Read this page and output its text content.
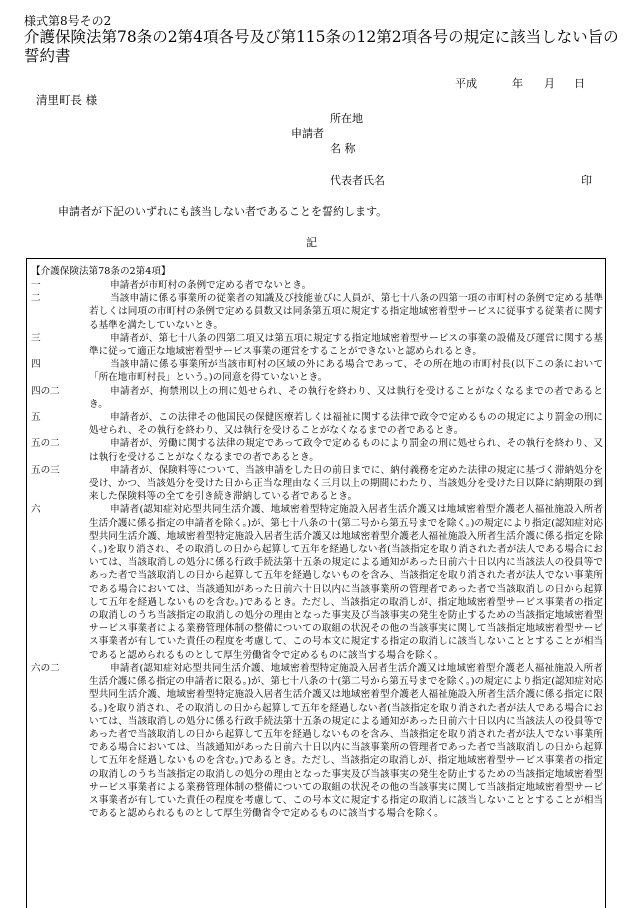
様式第8号その2
介護保険法第78条の2第4項各号及び第115条の12第2項各号の規定に該当しない旨の誓約書
平成	年 月 日
清里町長 様
所在地
申請者
名 称
代表者氏名	印
申請者が下記のいずれにも該当しない者であることを誓約します。
記
【介護保険法第78条の2第4項】
一	申請者が市町村の条例で定める者でないとき。
二	当該申請に係る事業所の従業者の知識及び技能並びに人員が、第七十八条の四第一項の市町村の条例で定める基準若しくは同項の市町村の条例で定める員数又は同条第五項に規定する指定地域密着型サービスに従事する従業者に関する基準を満たしていないとき。
三	申請者が、第七十八条の四第二項又は第五項に規定する指定地域密着型サービスの事業の設備及び運営に関する基準に従って適正な地域密着型サービス事業の運営をすることができないと認められるとき。
四	当該申請に係る事業所が当該市町村の区域の外にある場合であって、その所在地の市町村長(以下この条において「所在地市町村長」という。)の同意を得ていないとき。
四の二	申請者が、拘禁刑以上の刑に処せられ、その執行を終わり、又は執行を受けることがなくなるまでの者であるとき。
五	申請者が、この法律その他国民の保健医療若しくは福祉に関する法律で政令で定めるものの規定により罰金の刑に処せられ、その執行を終わり、又は執行を受けることがなくなるまでの者であるとき。
五の二	申請者が、労働に関する法律の規定であって政令で定めるものにより罰金の刑に処せられ、その執行を終わり、又は執行を受けることがなくなるまでの者であるとき。
五の三	申請者が、保険料等について、当該申請をした日の前日までに、納付義務を定めた法律の規定に基づく滞納処分を受け、かつ、当該処分を受けた日から正当な理由なく三月以上の期間にわたり、当該処分を受けた日以降に納期限の到来した保険料等の全てを引き続き滞納している者であるとき。
六	申請者(認知症対応型共同生活介護、地域密着型特定施設入居者生活介護又は地域密着型介護老人福祉施設入所者生活介護に係る指定の申請者を除く。)が、第七十八条の十(第二号から第五号までを除く。)の規定により指定(認知症対応型共同生活介護、地域密着型特定施設入居者生活介護又は地域密着型介護老人福祉施設入所者生活介護に係る指定を除く。)を取り消され、その取消しの日から起算して五年を経過しない者(当該指定を取り消された者が法人である場合においては、当該取消しの処分に係る行政手続法第十五条の規定による通知があった日前六十日以内に当該法人の役員等であった者で当該取消しの日から起算して五年を経過しないものを含み、当該指定を取り消された者が法人でない事業所である場合においては、当該通知があった日前六十日以内に当該事業所の管理者であった者で当該取消しの日から起算して五年を経過しないものを含む。)であるとき。ただし、当該指定の取消しが、指定地域密着型サービス事業者の指定の取消しのうち当該指定の取消しの処分の理由となった事実及び当該事実の発生を防止するための当該指定地域密着型サービス事業者による業務管理体制の整備についての取組の状況その他の当該事実に関して当該指定地域密着型サービス事業者が有していた責任の程度を考慮して、この号本文に規定する指定の取消しに該当しないこととすることが相当であると認められるものとして厚生労働省令で定めるものに該当する場合を除く。
六の二	申請者(認知症対応型共同生活介護、地域密着型特定施設入居者生活介護又は地域密着型介護老人福祉施設入所者生活介護に係る指定の申請者に限る。)が、第七十八条の十(第二号から第五号までを除く。)の規定により指定(認知症対応型共同生活介護、地域密着型特定施設入居者生活介護又は地域密着型介護老人福祉施設入所者生活介護に係る指定に限る。)を取り消され、その取消しの日から起算して五年を経過しない者(当該指定を取り消された者が法人である場合においては、当該取消しの処分に係る行政手続法第十五条の規定による通知があった日前六十日以内に当該法人の役員等であった者で当該取消しの日から起算して五年を経過しないものを含み、当該指定を取り消された者が法人でない事業所である場合においては、当該通知があった日前六十日以内に当該事業所の管理者であった者で当該取消しの日から起算して五年を経過しないものを含む。)であるとき。ただし、当該指定の取消しが、指定地域密着型サービス事業者の指定の取消しのうち当該指定の取消しの処分の理由となった事実及び当該事実の発生を防止するための当該指定地域密着型サービス事業者による業務管理体制の整備についての取組の状況その他の当該事実に関して当該指定地域密着型サービス事業者が有していた責任の程度を考慮して、この号本文に規定する指定の取消しに該当しないこととすることが相当であると認められるものとして厚生労働省令で定めるものに該当する場合を除く。
